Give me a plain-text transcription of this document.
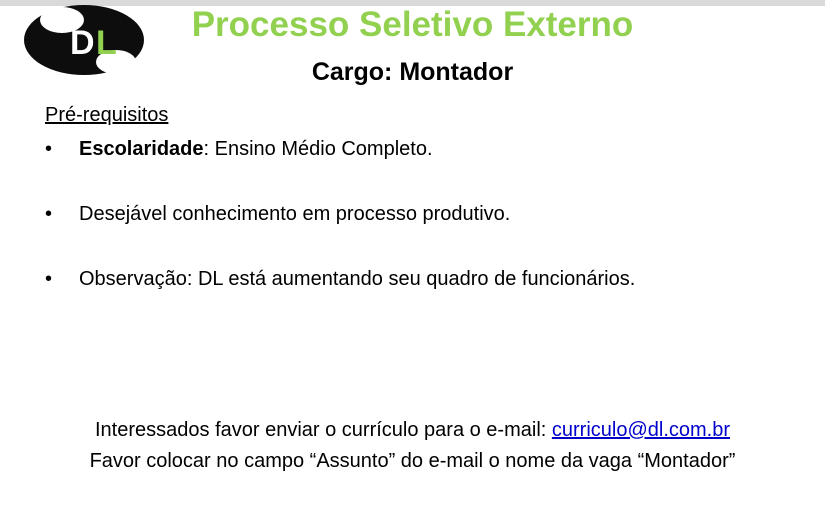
D L	Processo Seletivo Externo
Cargo: Montador
Pré-requisitos
•	Escolaridade: Ensino Médio Completo.
•	Desejável conhecimento em processo produtivo.
•	Observação: DL está aumentando seu quadro de funcionários.
Interessados favor enviar o currículo para o e-mail: curriculo@dl.com.br
Favor colocar no campo “Assunto” do e-mail o nome da vaga “Montador”
